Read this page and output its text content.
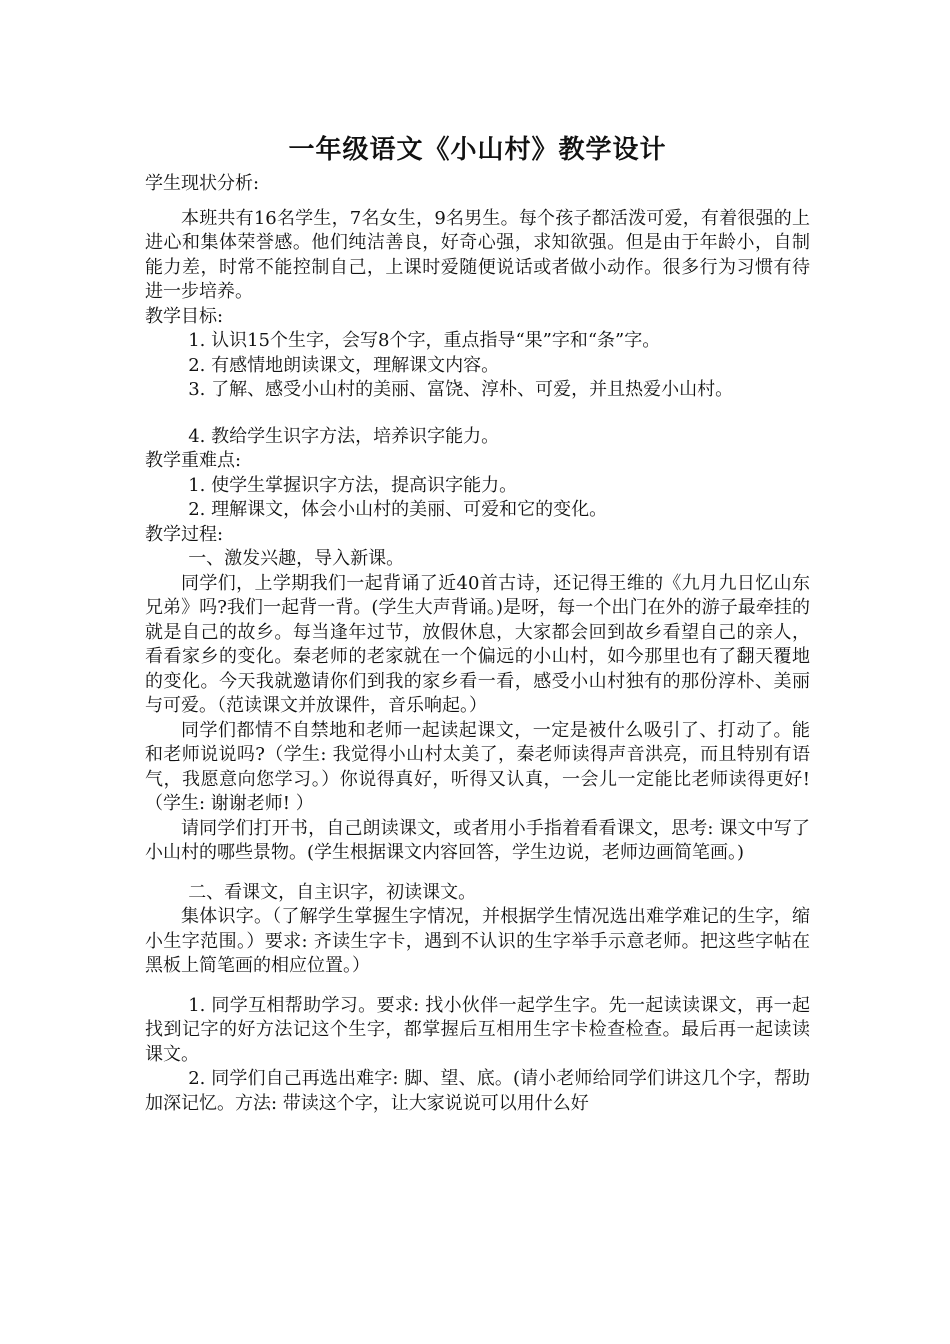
一年级语文《小山村》教学设计

学生现状分析:

本班共有16名学生，7名女生，9名男生。每个孩子都活泼可爱，有着很强的上进心和集体荣誉感。他们纯洁善良，好奇心强，求知欲强。但是由于年龄小，自制能力差，时常不能控制自己，上课时爱随便说话或者做小动作。很多行为习惯有待进一步培养。

教学目标:

1. 认识15个生字，会写8个字，重点指导“果”字和“条”字。

2. 有感情地朗读课文，理解课文内容。

3. 了解、感受小山村的美丽、富饶、淳朴、可爱，并且热爱小山村。

4. 教给学生识字方法，培养识字能力。

教学重难点:

1. 使学生掌握识字方法，提高识字能力。

2. 理解课文，体会小山村的美丽、可爱和它的变化。

教学过程:

一、激发兴趣，导入新课。

同学们，上学期我们一起背诵了近40首古诗，还记得王维的《九月九日忆山东兄弟》吗?我们一起背一背。(学生大声背诵。)是呀，每一个出门在外的游子最牵挂的就是自己的故乡。每当逢年过节，放假休息，大家都会回到故乡看望自己的亲人，看看家乡的变化。秦老师的老家就在一个偏远的小山村，如今那里也有了翻天覆地的变化。今天我就邀请你们到我的家乡看一看，感受小山村独有的那份淳朴、美丽与可爱。（范读课文并放课件，音乐响起。）

同学们都情不自禁地和老师一起读起课文，一定是被什么吸引了、打动了。能和老师说说吗?（学生: 我觉得小山村太美了，秦老师读得声音洪亮，而且特别有语气，我愿意向您学习。）你说得真好，听得又认真，一会儿一定能比老师读得更好! （学生: 谢谢老师! ）

请同学们打开书，自己朗读课文，或者用小手指着看看课文，思考: 课文中写了小山村的哪些景物。(学生根据课文内容回答，学生边说，老师边画简笔画。)

二、看课文，自主识字，初读课文。

集体识字。（了解学生掌握生字情况，并根据学生情况选出难学难记的生字，缩小生字范围。）要求: 齐读生字卡，遇到不认识的生字举手示意老师。把这些字帖在黑板上简笔画的相应位置。）

1. 同学互相帮助学习。要求: 找小伙伴一起学生字。先一起读读课文，再一起找到记字的好方法记这个生字，都掌握后互相用生字卡检查检查。最后再一起读读课文。

2. 同学们自己再选出难字: 脚、望、底。(请小老师给同学们讲这几个字，帮助加深记忆。方法: 带读这个字，让大家说说可以用什么好
